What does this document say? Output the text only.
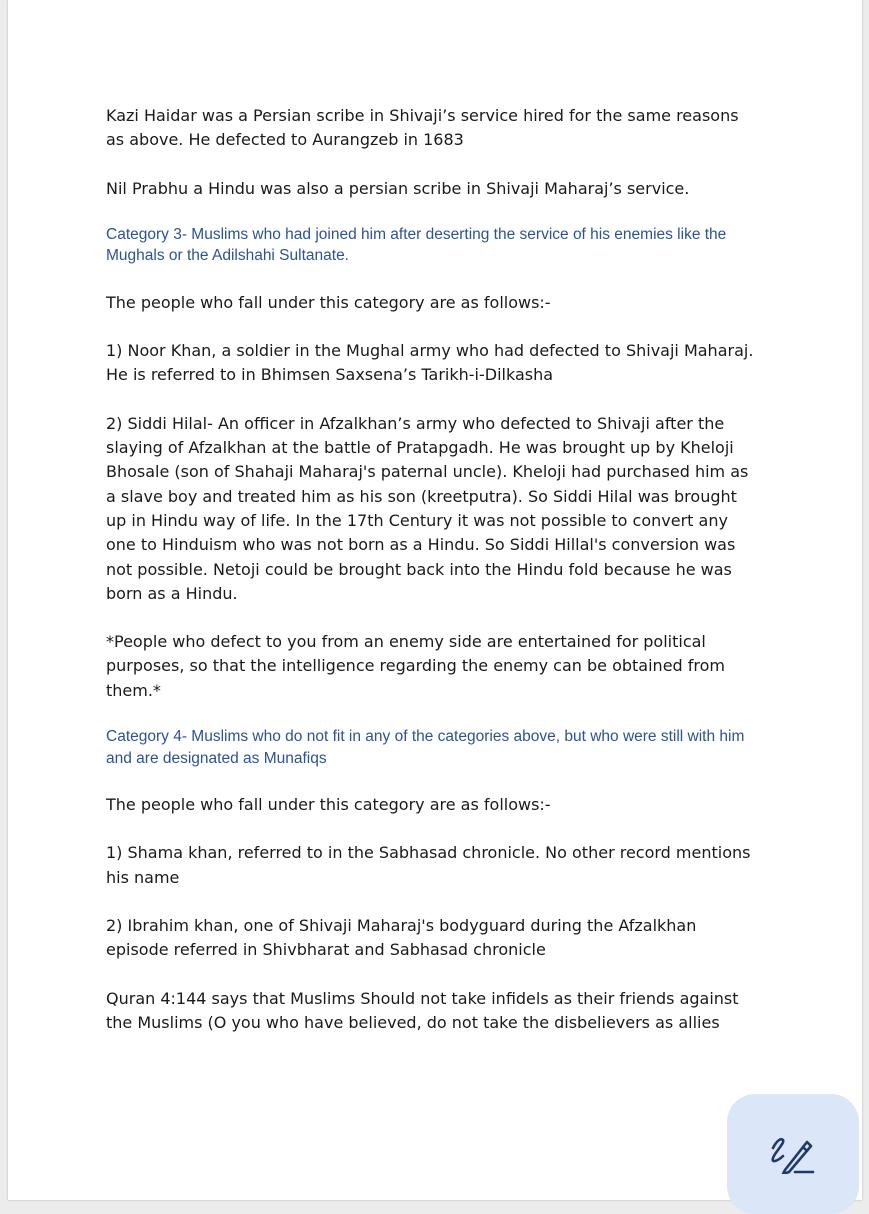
Kazi Haidar was a Persian scribe in Shivaji’s service hired for the same reasons as above. He defected to Aurangzeb in 1683

Nil Prabhu a Hindu was also a persian scribe in Shivaji Maharaj’s service.

Category 3- Muslims who had joined him after deserting the service of his enemies like the Mughals or the Adilshahi Sultanate.

The people who fall under this category are as follows:-

1) Noor Khan, a soldier in the Mughal army who had defected to Shivaji Maharaj. He is referred to in Bhimsen Saxsena’s Tarikh-i-Dilkasha

2) Siddi Hilal- An officer in Afzalkhan’s army who defected to Shivaji after the slaying of Afzalkhan at the battle of Pratapgadh. He was brought up by Kheloji Bhosale (son of Shahaji Maharaj's paternal uncle). Kheloji had purchased him as a slave boy and treated him as his son (kreetputra). So Siddi Hilal was brought up in Hindu way of life. In the 17th Century it was not possible to convert any one to Hinduism who was not born as a Hindu. So Siddi Hillal's conversion was not possible. Netoji could be brought back into the Hindu fold because he was born as a Hindu.

*People who defect to you from an enemy side are entertained for political purposes, so that the intelligence regarding the enemy can be obtained from them.*

Category 4- Muslims who do not fit in any of the categories above, but who were still with him and are designated as Munafiqs

The people who fall under this category are as follows:-

1) Shama khan, referred to in the Sabhasad chronicle. No other record mentions his name

2) Ibrahim khan, one of Shivaji Maharaj's bodyguard during the Afzalkhan episode referred in Shivbharat and Sabhasad chronicle

Quran 4:144 says that Muslims Should not take infidels as their friends against the Muslims (O you who have believed, do not take the disbelievers as allies
